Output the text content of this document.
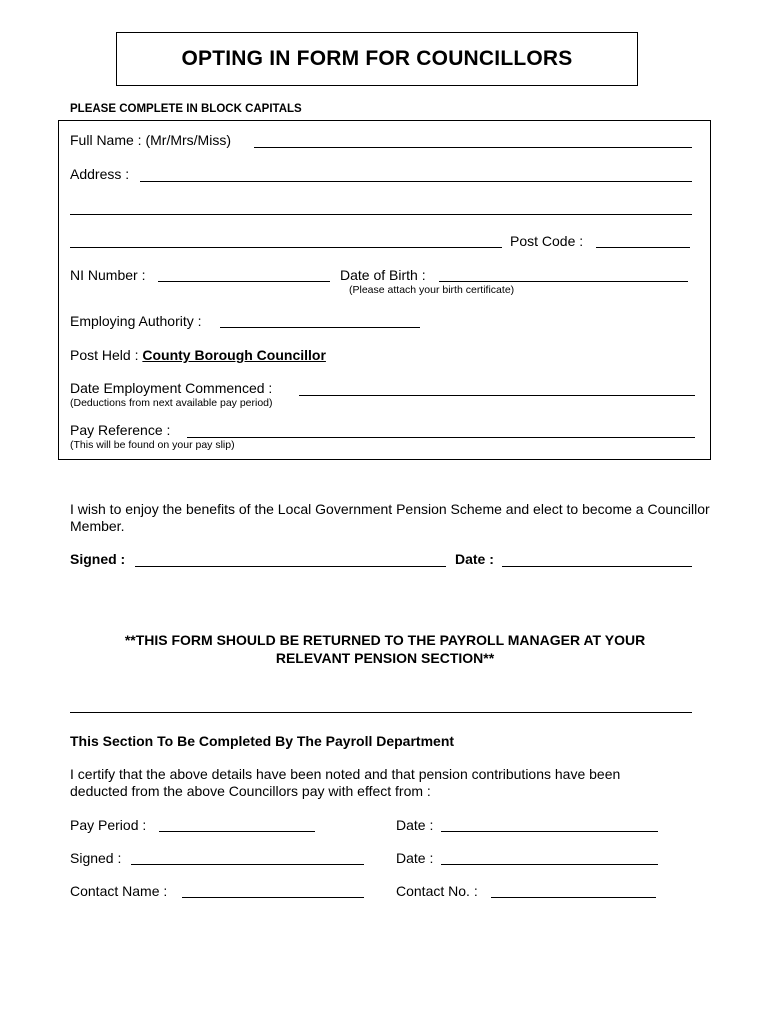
OPTING IN FORM FOR COUNCILLORS
PLEASE COMPLETE IN BLOCK CAPITALS
Full Name : (Mr/Mrs/Miss)
Address :
Post Code :
NI Number :	Date of Birth :
(Please attach your birth certificate)
Employing Authority :
Post Held : County Borough Councillor
Date Employment Commenced :
(Deductions from next available pay period)
Pay Reference :
(This will be found on your pay slip)
I wish to enjoy the benefits of the Local Government Pension Scheme and elect to become a Councillor Member.
Signed :	Date :
**THIS FORM SHOULD BE RETURNED TO THE PAYROLL MANAGER AT YOUR
RELEVANT PENSION SECTION**
This Section To Be Completed By The Payroll Department
I certify that the above details have been noted and that pension contributions have been
deducted from the above Councillors pay with effect from :
Pay Period :	Date :
Signed :	Date :
Contact Name :	Contact No. :
